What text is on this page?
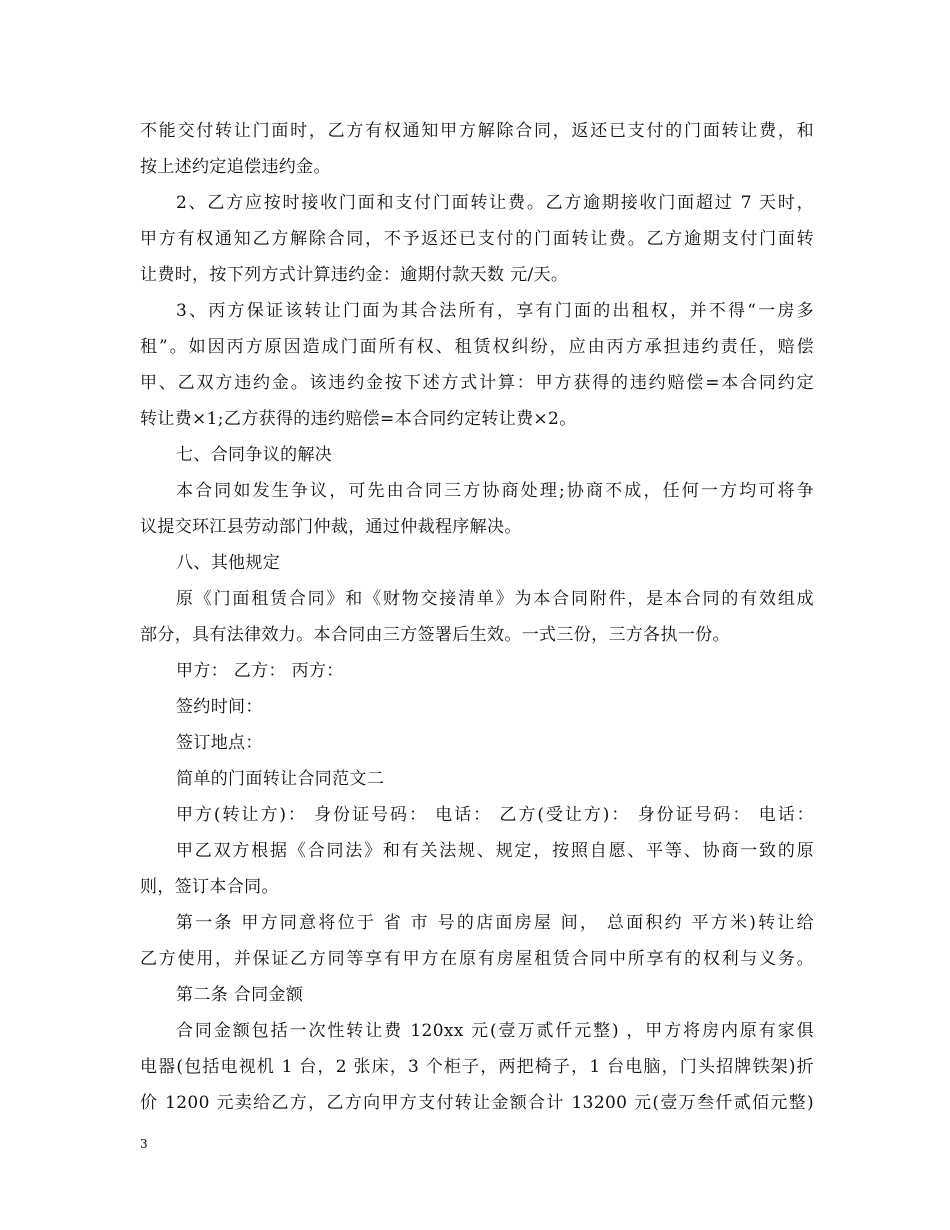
不能交付转让门面时，乙方有权通知甲方解除合同，返还已支付的门面转让费，和
按上述约定追偿违约金。
2、乙方应按时接收门面和支付门面转让费。乙方逾期接收门面超过 7 天时，
甲方有权通知乙方解除合同，不予返还已支付的门面转让费。乙方逾期支付门面转
让费时，按下列方式计算违约金：逾期付款天数 元/天。
3、丙方保证该转让门面为其合法所有，享有门面的出租权，并不得“一房多
租”。如因丙方原因造成门面所有权、租赁权纠纷，应由丙方承担违约责任，赔偿
甲、乙双方违约金。该违约金按下述方式计算：甲方获得的违约赔偿=本合同约定
转让费×1;乙方获得的违约赔偿=本合同约定转让费×2。
七、合同争议的解决
本合同如发生争议，可先由合同三方协商处理;协商不成，任何一方均可将争
议提交环江县劳动部门仲裁，通过仲裁程序解决。
八、其他规定
原《门面租赁合同》和《财物交接清单》为本合同附件，是本合同的有效组成
部分，具有法律效力。本合同由三方签署后生效。一式三份，三方各执一份。
甲方： 乙方： 丙方：
签约时间：
签订地点：
简单的门面转让合同范文二
甲方(转让方)： 身份证号码： 电话： 乙方(受让方)： 身份证号码： 电话：
甲乙双方根据《合同法》和有关法规、规定，按照自愿、平等、协商一致的原
则，签订本合同。
第一条 甲方同意将位于 省 市 号的店面房屋 间， 总面积约 平方米)转让给
乙方使用，并保证乙方同等享有甲方在原有房屋租赁合同中所享有的权利与义务。
第二条 合同金额
合同金额包括一次性转让费 120xx 元(壹万贰仟元整) ，甲方将房内原有家俱
电器(包括电视机 1 台，2 张床，3 个柜子，两把椅子，1 台电脑，门头招牌铁架)折
价 1200 元卖给乙方，乙方向甲方支付转让金额合计 13200 元(壹万叁仟贰佰元整)
3
